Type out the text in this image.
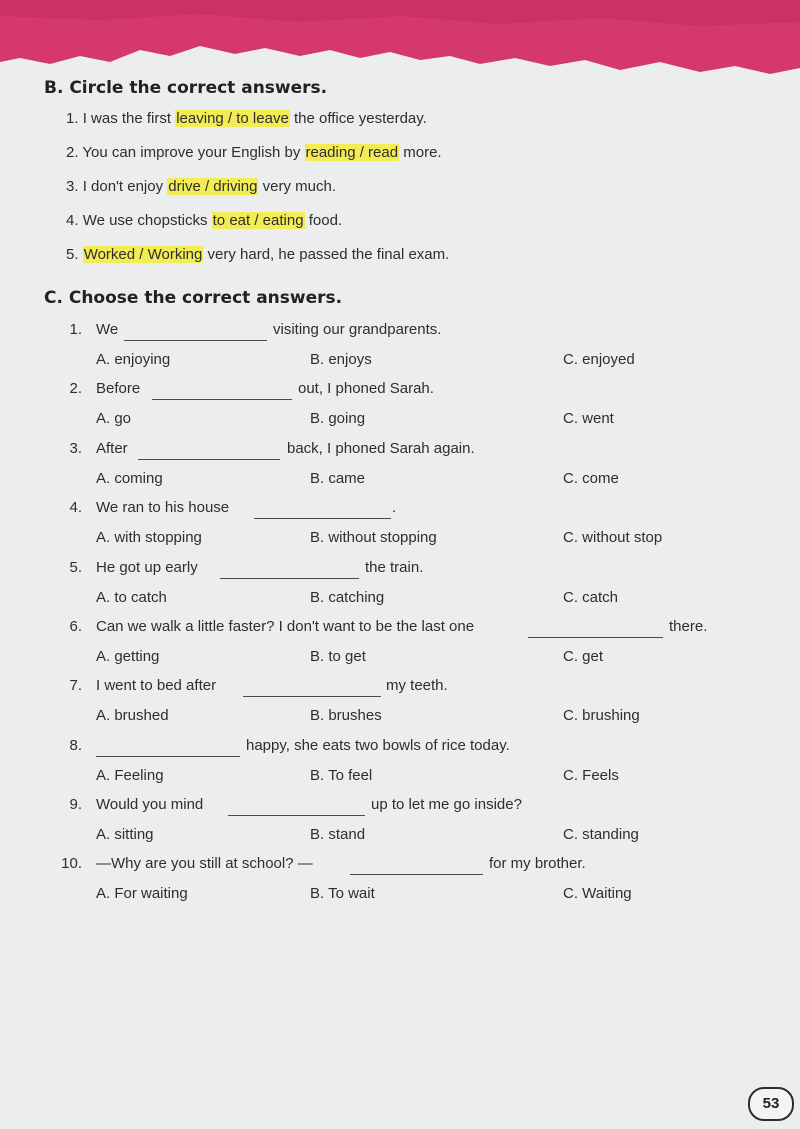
B. Circle the correct answers.
1. I was the first leaving / to leave the office yesterday.
2. You can improve your English by reading / read more.
3. I don't enjoy drive / driving very much.
4. We use chopsticks to eat / eating food.
5. Worked / Working very hard, he passed the final exam.
C. Choose the correct answers.
1. We	visiting our grandparents.
A. enjoying	B. enjoys	C. enjoyed
2. Before	out, I phoned Sarah.
A. go	B. going	C. went
3. After	back, I phoned Sarah again.
A. coming	B. came	C. come
4. We ran to his house	.
A. with stopping	B. without stopping	C. without stop
5. He got up early	the train.
A. to catch	B. catching	C. catch
6. Can we walk a little faster? I don't want to be the last one	there.
A. getting	B. to get	C. get
7. I went to bed after	my teeth.
A. brushed	B. brushes	C. brushing
8.	happy, she eats two bowls of rice today.
A. Feeling	B. To feel	C. Feels
9. Would you mind	up to let me go inside?
A. sitting	B. stand	C. standing
10. —Why are you still at school? —	for my brother.
A. For waiting	B. To wait	C. Waiting
53
